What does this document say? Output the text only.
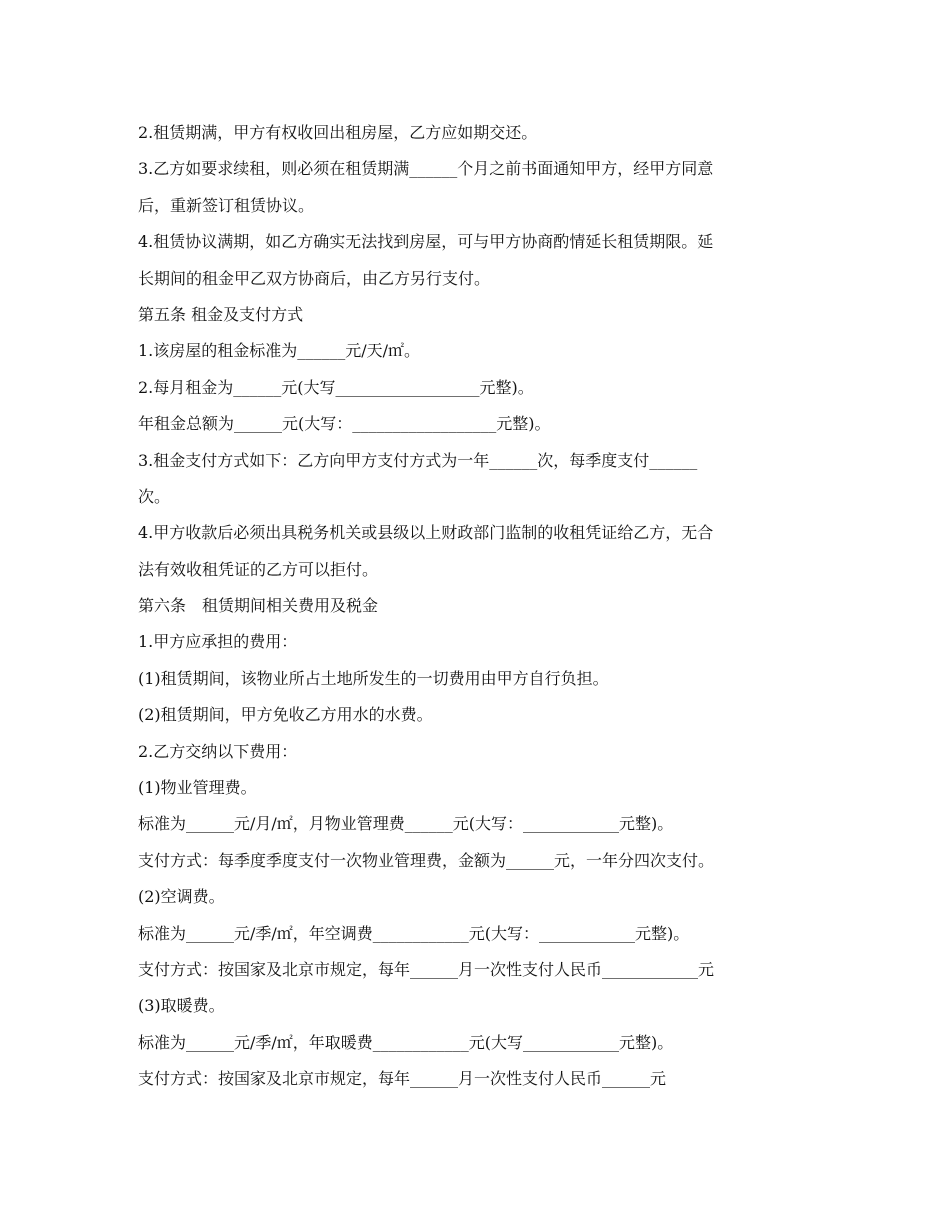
2.租赁期满，甲方有权收回出租房屋，乙方应如期交还。
3.乙方如要求续租，则必须在租赁期满______个月之前书面通知甲方，经甲方同意
后，重新签订租赁协议。
4.租赁协议满期，如乙方确实无法找到房屋，可与甲方协商酌情延长租赁期限。延
长期间的租金甲乙双方协商后，由乙方另行支付。
第五条 租金及支付方式
1.该房屋的租金标准为______元/天/㎡。
2.每月租金为______元(大写__________________元整)。
年租金总额为______元(大写：__________________元整)。
3.租金支付方式如下：乙方向甲方支付方式为一年______次，每季度支付______
次。
4.甲方收款后必须出具税务机关或县级以上财政部门监制的收租凭证给乙方，无合
法有效收租凭证的乙方可以拒付。
第六条　租赁期间相关费用及税金
1.甲方应承担的费用：
(1)租赁期间，该物业所占土地所发生的一切费用由甲方自行负担。
(2)租赁期间，甲方免收乙方用水的水费。
2.乙方交纳以下费用：
(1)物业管理费。
标准为______元/月/㎡，月物业管理费______元(大写：____________元整)。
支付方式：每季度季度支付一次物业管理费，金额为______元，一年分四次支付。
(2)空调费。
标准为______元/季/㎡，年空调费____________元(大写：____________元整)。
支付方式：按国家及北京市规定，每年______月一次性支付人民币____________元
(3)取暖费。
标准为______元/季/㎡，年取暖费____________元(大写____________元整)。
支付方式：按国家及北京市规定，每年______月一次性支付人民币______元
